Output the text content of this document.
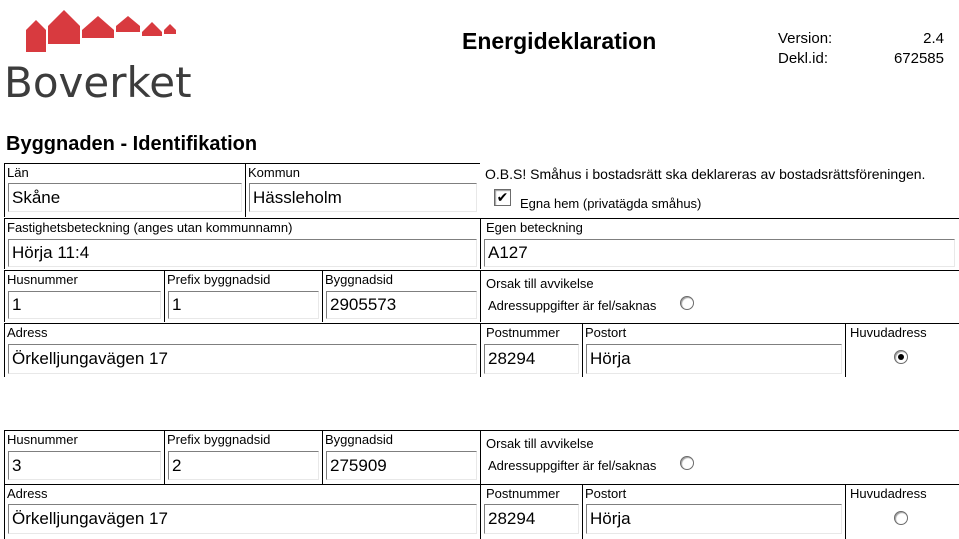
Boverket
Energideklaration	Version:	2.4
Dekl.id:	672585
Byggnaden - Identifikation
Län
Skåne
Kommun
Hässleholm
O.B.S! Småhus i bostadsrätt ska deklareras av bostadsrättsföreningen.
✔ Egna hem (privatägda småhus)
Fastighetsbeteckning (anges utan kommunnamn)
Hörja 11:4
Egen beteckning
A127
Husnummer
1
Prefix byggnadsid
1
Byggnadsid
2905573
Orsak till avvikelse
Adressuppgifter är fel/saknas
Adress
Örkelljungavägen 17
Postnummer
28294
Postort
Hörja
Huvudadress
Husnummer
3
Prefix byggnadsid
2
Byggnadsid
275909
Orsak till avvikelse
Adressuppgifter är fel/saknas
Adress
Örkelljungavägen 17
Postnummer
28294
Postort
Hörja
Huvudadress
